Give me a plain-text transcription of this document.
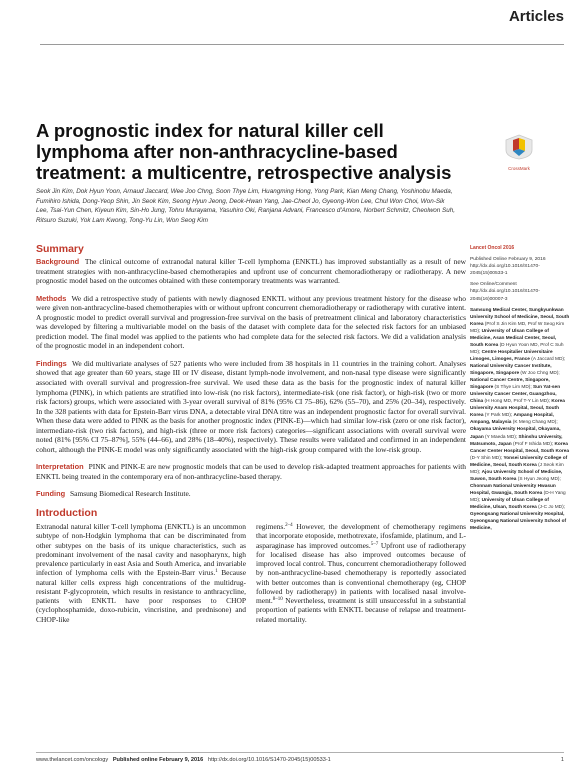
Articles
A prognostic index for natural killer cell lymphoma after non-anthracycline-based treatment: a multicentre, retrospective analysis	CrossMark
Seok Jin Kim, Dok Hyun Yoon, Arnaud Jaccard, Wee Joo Chng, Soon Thye Lim, Huangming Hong, Yong Park, Kian Meng Chang, Yoshinobu Maeda, Fumihiro Ishida, Dong-Yeop Shin, Jin Seok Kim, Seong Hyun Jeong, Deok-Hwan Yang, Jae-Cheol Jo, Gyeong-Won Lee, Chul Won Choi, Won-Sik Lee, Tsai-Yun Chen, Kiyeun Kim, Sin-Ho Jung, Tohru Murayama, Yasuhiro Oki, Ranjana Advani, Francesco d'Amore, Norbert Schmitz, Cheolwon Suh, Ritsuro Suzuki, Yok Lam Kwong, Tong-Yu Lin, Won Seog Kim
Summary

Background The clinical outcome of extranodal natural killer T-cell lymphoma (ENKTL) has improved substantially as a result of new treatment strategies with non-anthracycline-based chemotherapies and upfront use of concurrent chemoradiotherapy or radiotherapy. A new prognostic model based on the outcomes obtained with these contemporary treatments was warranted.

Methods We did a retrospective study of patients with newly diagnosed ENKTL without any previous treatment history for the disease who were given non-anthracycline-based chemotherapies with or without upfront concurrent chemoradiotherapy or radiotherapy with curative intent. A prognostic model to predict overall survival and progression-free survival on the basis of pretreatment clinical and laboratory characteristics was developed by filtering a multivariable model on the basis of the dataset with complete data for the selected risk factors for an unbiased prediction model. The final model was applied to the patients who had complete data for the selected risk factors. We did a validation analysis of the prognostic model in an independent cohort.

Findings We did multivariate analyses of 527 patients who were included from 38 hospitals in 11 countries in the training cohort. Analyses showed that age greater than 60 years, stage III or IV disease, distant lymph-node involvement, and non-nasal type disease were significantly associated with overall survival and progression-free survival. We used these data as the basis for the prognostic index of natural killer lymphoma (PINK), in which patients are stratified into low-risk (no risk factors), intermediate-risk (one risk factor), or high-risk (two or more risk factors) groups, which were associated with 3-year overall survival of 81% (95% CI 75–86), 62% (55–70), and 25% (20–34), respectively. In the 328 patients with data for Epstein-Barr virus DNA, a detectable viral DNA titre was an independent prognostic factor for overall survival. When these data were added to PINK as the basis for another prognostic index (PINK-E)—which had similar low-risk (zero or one risk factor), intermediate-risk (two risk factors), and high-risk (three or more risk factors) categories—significant associations with overall survival were noted (81% [95% CI 75–87%], 55% (44–66), and 28% (18–40%), respectively). These results were validated and confirmed in an independent cohort, although the PINK-E model was only significantly associated with the high-risk group compared with the low-risk group.

Interpretation PINK and PINK-E are new prognostic models that can be used to develop risk-adapted treatment approaches for patients with ENKTL being treated in the contemporary era of non-anthracycline-based therapy.

Funding Samsung Biomedical Research Institute.

Introduction

Extranodal natural killer T-cell lymphoma (ENKTL) is an uncommon subtype of non-Hodgkin lymphoma that can be discriminated from other subtypes on the basis of its unique characteristics, such as predominant involvement of the nasal cavity and nasopharynx, high prevalence particularly in east Asia and South America, and invariable infection of lymphoma cells with the Epstein-Barr virus.$^1$ Because natural killer cells express high concentrations of the multidrug-resistant P-glycoprotein, which results in resistance to anthracycline, patients with ENKTL have poor responses to CHOP (cyclophosphamide, doxo-rubicin, vincristine, and prednisone) and CHOP-like

regimens.$^{2-4}$ However, the development of chemotherapy regimens that incorporate etoposide, methotrexate, ifosfamide, platinum, and L-asparaginase has improved outcomes.$^{5-7}$ Upfront use of radiotherapy for localised disease has also improved outcomes because of improved local control. Thus, concurrent chemoradiotherapy followed by non-anthracycline-based chemotherapy is reportedly associated with better outcomes than is conventional chemotherapy (eg, CHOP followed by radiotherapy) in patients with localised nasal involve-ment.$^{8-10}$ Nevertheless, treatment is still unsuccessful in a substantial proportion of patients with ENKTL because of relapse and treatment-related mortality.

Lancet Oncol 2016

Published Online February 9, 2016 http://dx.doi.org/10.1016/S1470-2045(15)00533-1

See Online/Comment http://dx.doi.org/10.1016/S1470-2045(16)00007-3

Samsung Medical Center, Sungkyunkwan University School of Medicine, Seoul, South Korea (Prof S Jin Kim MD, Prof W Seog Kim MD); University of Ulsan College of Medicine, Asan Medical Center, Seoul, South Korea (D Hyun Yoon MD, Prof C Suh MD); Centre Hospitalier Universitaire Limoges, Limoges, France (A Jaccard MD); National University Cancer Institute, Singapore, Singapore (W Joo Chng MD); National Cancer Centre, Singapore, Singapore (S Thye Lim MD); Sun Yat-sen University Cancer Center, Guangzhou, China (H Hong MD, Prof T-Y Lin MD); Korea University Anam Hospital, Seoul, South Korea (Y Park MD); Ampang Hospital, Ampang, Malaysia (K Meng Chang MD); Okayama University Hospital, Okayama, Japan (Y Maeda MD); Shinshu University, Matsumoto, Japan (Prof F Ishida MD); Korea Cancer Center Hospital, Seoul, South Korea (D-Y Shin MD); Yonsei University College of Medicine, Seoul, South Korea (J Seok Kim MD); Ajou University School of Medicine, Suwon, South Korea (S Hyun Jeong MD); Chonnam National University Hwasun Hospital, Gwangju, South Korea (D-H Yang MD); University of Ulsan College of Medicine, Ulsan, South Korea (J-C Jo MD); Gyeongsang National University Hospital, Gyeongsang National University School of Medicine,
www.thelancet.com/oncology Published online February 9, 2016 http://dx.doi.org/10.1016/S1470-2045(15)00533-1	1
